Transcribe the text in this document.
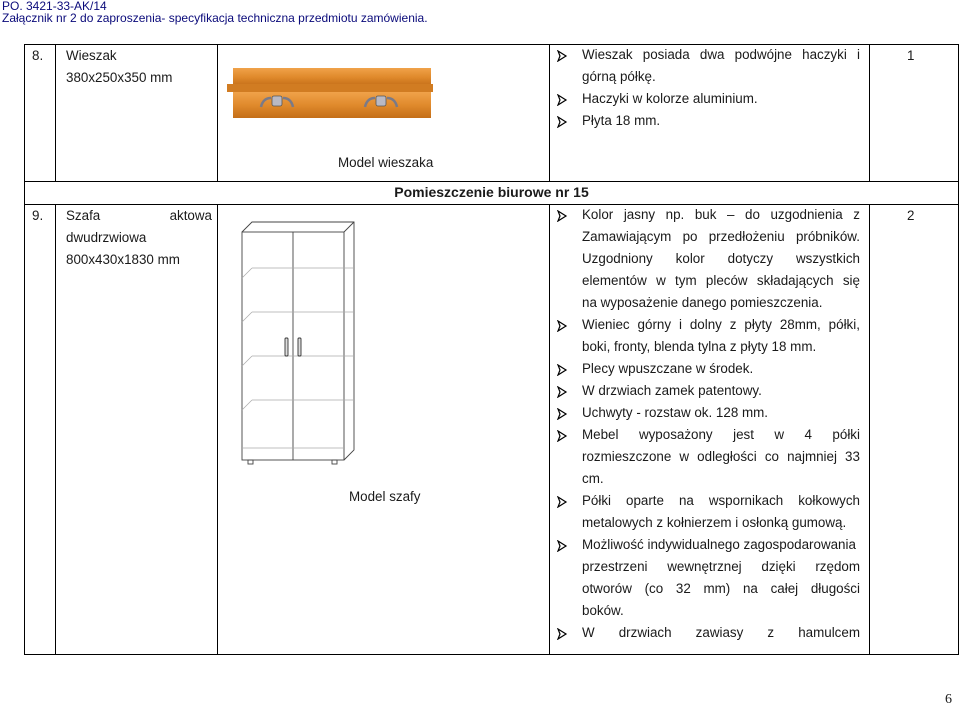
PO. 3421-33-AK/14
Załącznik nr 2 do zaproszenia- specyfikacja techniczna przedmiotu zamówienia.
8. Wieszak
380x250x350 mm
Model wieszaka
Wieszak posiada dwa podwójne haczyki i
górną półkę.
Haczyki w kolorze aluminium.
Płyta 18 mm.
1
Pomieszczenie biurowe nr 15
9. Szafa	aktowa
dwudrzwiowa
800x430x1830 mm
Model szafy
Kolor jasny np. buk – do uzgodnienia z
Zamawiającym po przedłożeniu próbników.
Uzgodniony kolor dotyczy wszystkich
elementów w tym pleców składających się
na wyposażenie danego pomieszczenia.
Wieniec górny i dolny z płyty 28mm, półki,
boki, fronty, blenda tylna z płyty 18 mm.
Plecy wpuszczane w środek.
W drzwiach zamek patentowy.
Uchwyty - rozstaw ok. 128 mm.
Mebel wyposażony jest w 4 półki
rozmieszczone w odległości co najmniej 33
cm.
Półki oparte na wspornikach kołkowych
metalowych z kołnierzem i osłonką gumową.
Możliwość indywidualnego zagospodarowania
przestrzeni wewnętrznej dzięki rzędom
otworów (co 32 mm) na całej długości
boków.
W drzwiach zawiasy z hamulcem
2
6
